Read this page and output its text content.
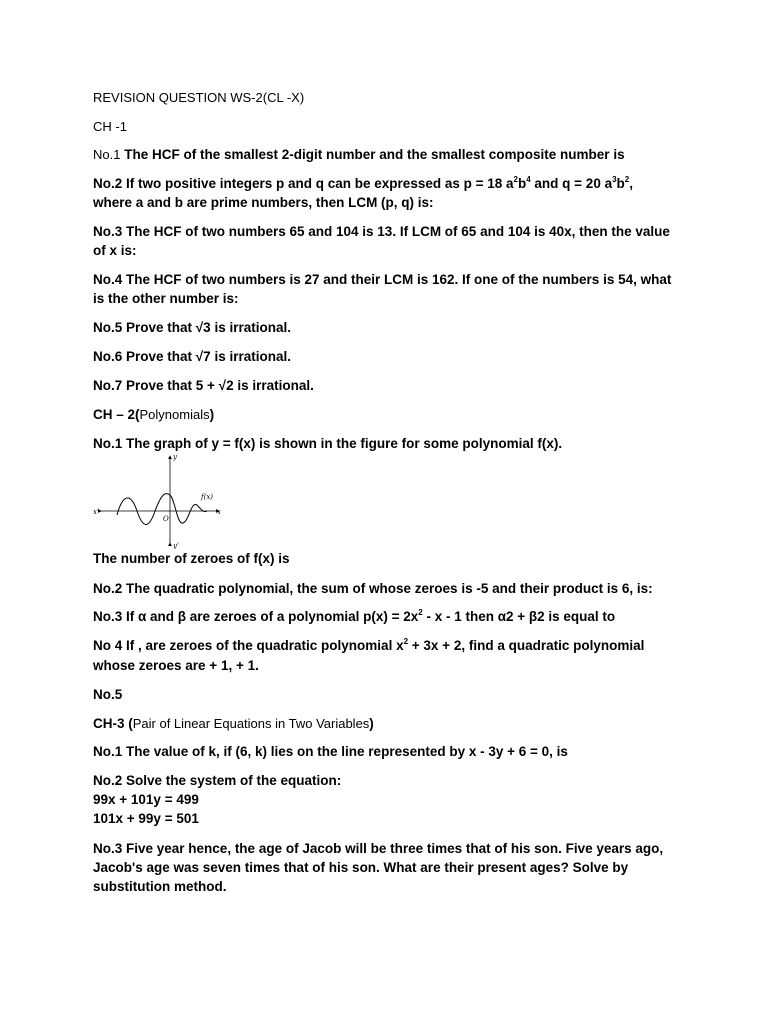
REVISION QUESTION WS-2(CL -X)
CH -1
No.1 The HCF of the smallest 2-digit number and the smallest composite number is
No.2 If two positive integers p and q can be expressed as p = 18 $a^2b^4$ and q = 20 $a^3b^2$,
where a and b are prime numbers, then LCM (p, q) is:
No.3 The HCF of two numbers 65 and 104 is 13. If LCM of 65 and 104 is 40x, then the value
of x is:
No.4 The HCF of two numbers is 27 and their LCM is 162. If one of the numbers is 54, what
is the other number is:
No.5 Prove that √3 is irrational.
No.6 Prove that √7 is irrational.
No.7 Prove that 5 + √2 is irrational.
CH – 2(Polynomials)
No.1 The graph of y = f(x) is shown in the figure for some polynomial f(x).
The number of zeroes of f(x) is
No.2 The quadratic polynomial, the sum of whose zeroes is -5 and their product is 6, is:
No.3 If α and β are zeroes of a polynomial $p(x) = 2x^2 - x - 1$ then α2 + β2 is equal to
No 4 If , are zeroes of the quadratic polynomial $x^2 + 3x + 2$, find a quadratic polynomial
whose zeroes are + 1, + 1.
No.5
CH-3 (Pair of Linear Equations in Two Variables)
No.1 The value of k, if (6, k) lies on the line represented by x - 3y + 6 = 0, is
No.2 Solve the system of the equation:
99x + 101y = 499
101x + 99y = 501
No.3 Five year hence, the age of Jacob will be three times that of his son. Five years ago,
Jacob's age was seven times that of his son. What are their present ages? Solve by
substitution method.
y
f(x)
x'	x
O
y'
